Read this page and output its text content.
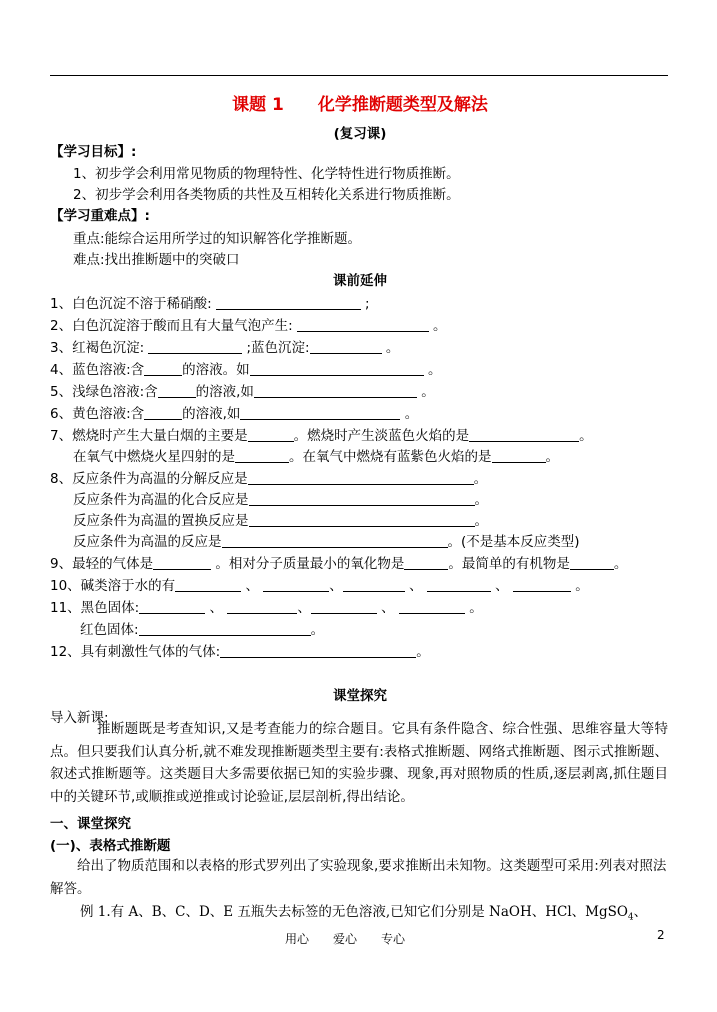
课题 1 化学推断题类型及解法
(复习课)
【学习目标】:
1、初步学会利用常见物质的物理特性、化学特性进行物质推断。
2、初步学会利用各类物质的共性及互相转化关系进行物质推断。
【学习重难点】:
重点:能综合运用所学过的知识解答化学推断题。
难点:找出推断题中的突破口
课前延伸
1、白色沉淀不溶于稀硝酸:	;
2、白色沉淀溶于酸而且有大量气泡产生:	。
3、红褐色沉淀:	;蓝色沉淀:	。
4、蓝色溶液:含	的溶液。如	。
5、浅绿色溶液:含	的溶液,如	。
6、黄色溶液:含	的溶液,如	。
7、燃烧时产生大量白烟的主要是	。燃烧时产生淡蓝色火焰的是	。
在氧气中燃烧火星四射的是	。在氧气中燃烧有蓝紫色火焰的是	。
8、反应条件为高温的分解反应是	。
反应条件为高温的化合反应是	。
反应条件为高温的置换反应是	。
反应条件为高温的反应是	。(不是基本反应类型)
9、最轻的气体是	。相对分子质量最小的氧化物是	。最简单的有机物是	。
10、碱类溶于水的有	、	、	、	、	。
11、黑色固体:	、	、	、	。
红色固体:	。
12、具有刺激性气体的气体:	。
课堂探究
导入新课:
推断题既是考查知识,又是考查能力的综合题目。它具有条件隐含、综合性强、思维容量大等特点。但只要我们认真分析,就不难发现推断题类型主要有:表格式推断题、网络式推断题、图示式推断题、叙述式推断题等。这类题目大多需要依据已知的实验步骤、现象,再对照物质的性质,逐层剥离,抓住题目中的关键环节,或顺推或逆推或讨论验证,层层剖析,得出结论。
一、课堂探究
(一)、表格式推断题
给出了物质范围和以表格的形式罗列出了实验现象,要求推断出未知物。这类题型可采用:列表对照法解答。
例 1.有 A、B、C、D、E 五瓶失去标签的无色溶液,已知它们分别是 NaOH、HCl、MgSO$_4$、
用心 爱心 专心	2
